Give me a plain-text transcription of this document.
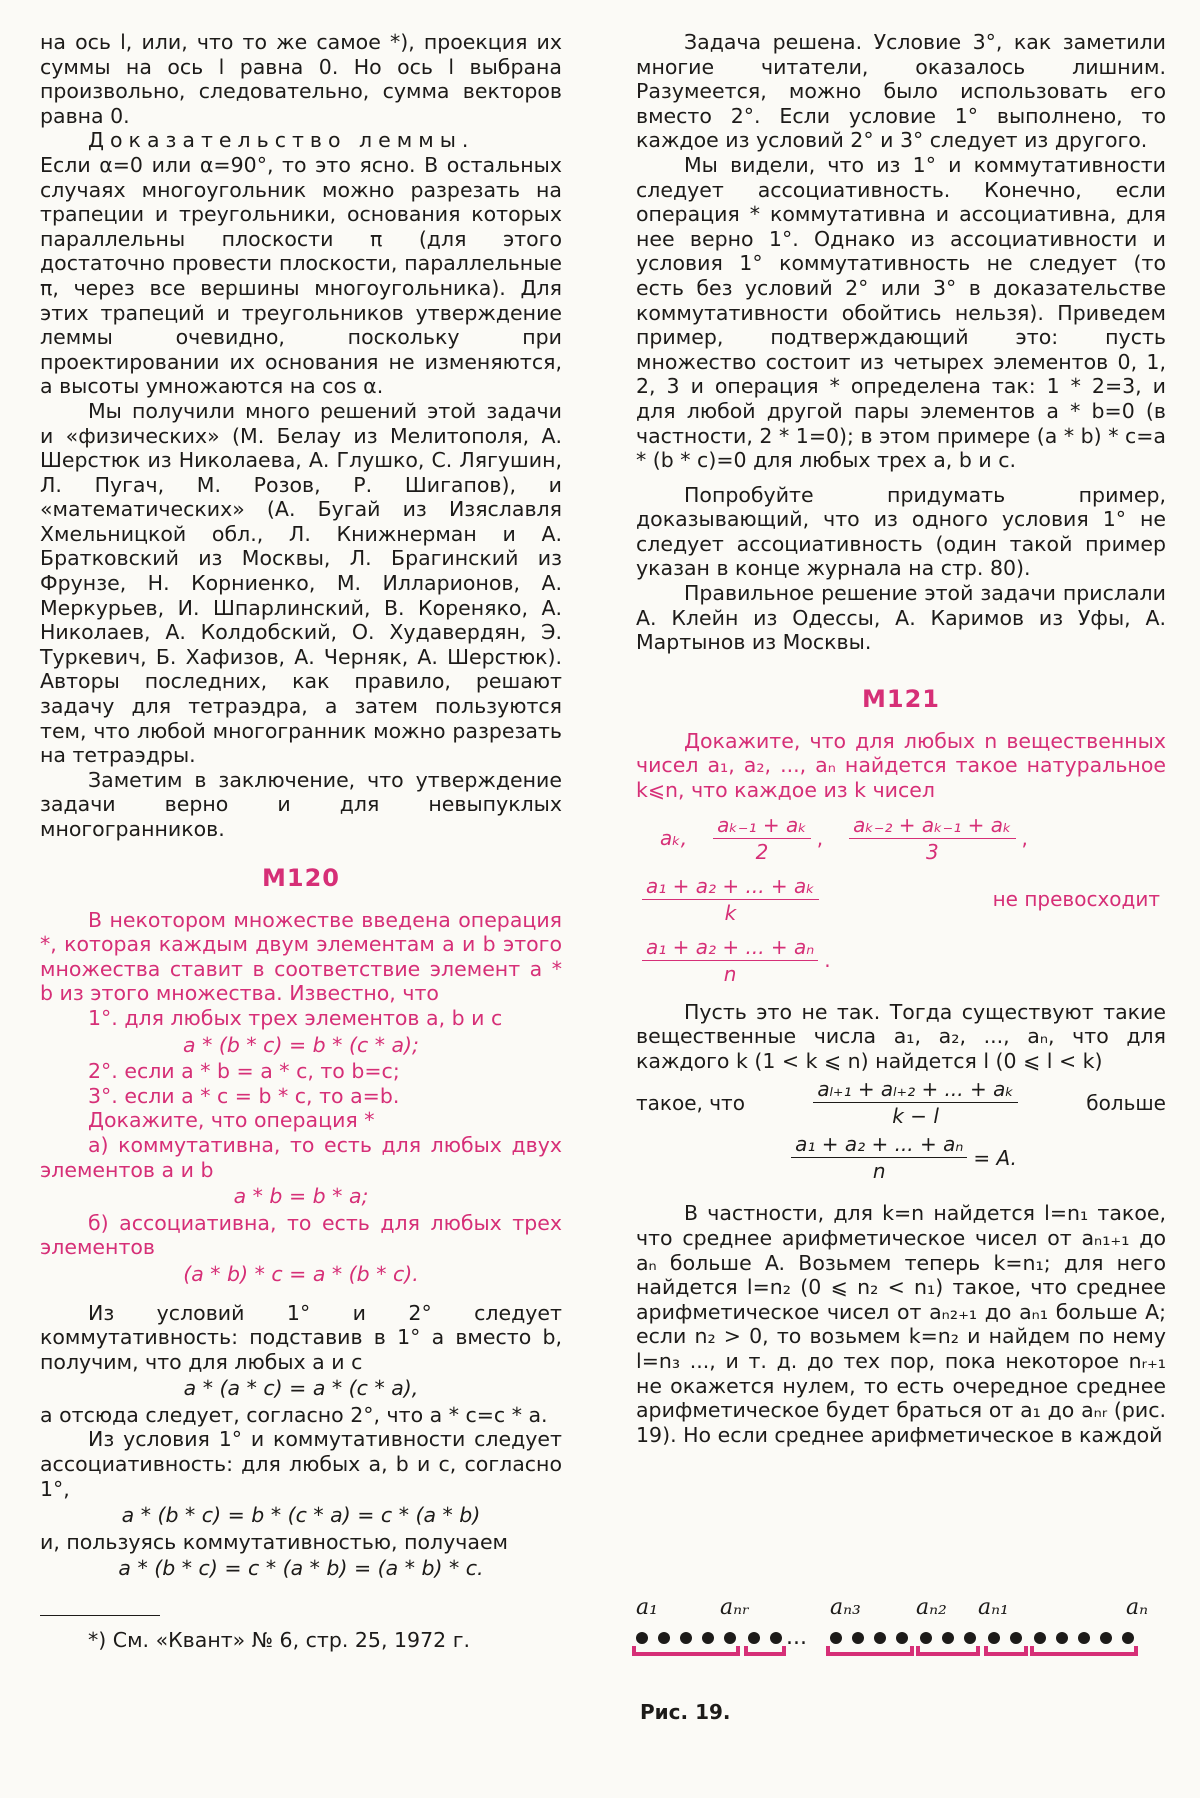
на ось l, или, что то же самое *), проекция их суммы на ось l равна 0. Но ось l выбрана произвольно, следовательно, сумма векторов равна 0.

Доказательство леммы.
Если α=0 или α=90°, то это ясно. В остальных случаях многоугольник можно разрезать на трапеции и треугольники, основания которых параллельны плоскости π (для этого достаточно провести плоскости, параллельные π, через все вершины многоугольника). Для этих трапеций и треугольников утверждение леммы очевидно, поскольку при проектировании их основания не изменяются, а высоты умножаются на cos α.

Мы получили много решений этой задачи и «физических» (М. Белау из Мелитополя, А. Шерстюк из Николаева, А. Глушко, С. Лягушин, Л. Пугач, М. Розов, Р. Шигапов), и «математических» (А. Бугай из Изяславля Хмельницкой обл., Л. Книжнерман и А. Братковский из Москвы, Л. Брагинский из Фрунзе, Н. Корниенко, М. Илларионов, А. Меркурьев, И. Шпарлинский, В. Кореняко, А. Николаев, А. Колдобский, О. Худавердян, Э. Туркевич, Б. Хафизов, А. Черняк, А. Шерстюк). Авторы последних, как правило, решают задачу для тетраэдра, а затем пользуются тем, что любой многогранник можно разрезать на тетраэдры.

Заметим в заключение, что утверждение задачи верно и для невыпуклых многогранников.

М120

В некотором множестве введена операция *, которая каждым двум элементам a и b этого множества ставит в соответствие элемент a * b из этого множества. Известно, что

1°. для любых трех элементов a, b и c

a * (b * c) = b * (c * a);

2°. если a * b = a * c, то b=c;

3°. если a * c = b * c, то a=b.

Докажите, что операция *

а) коммутативна, то есть для любых двух элементов a и b

a * b = b * a;

б) ассоциативна, то есть для любых трех элементов

(a * b) * c = a * (b * c).

Из условий 1° и 2° следует коммутативность: подставив в 1° a вместо b, получим, что для любых a и c

a * (a * c) = a * (c * a),

а отсюда следует, согласно 2°, что a * c=c * a.

Из условия 1° и коммутативности следует ассоциативность: для любых a, b и c, согласно 1°,

a * (b * c) = b * (c * a) = c * (a * b)

и, пользуясь коммутативностью, получаем

a * (b * c) = c * (a * b) = (a * b) * c.

*) См. «Квант» № 6, стр. 25, 1972 г.

Задача решена. Условие 3°, как заметили многие читатели, оказалось лишним. Разумеется, можно было использовать его вместо 2°. Если условие 1° выполнено, то каждое из условий 2° и 3° следует из другого.

Мы видели, что из 1° и коммутативности следует ассоциативность. Конечно, если операция * коммутативна и ассоциативна, для нее верно 1°. Однако из ассоциативности и условия 1° коммутативность не следует (то есть без условий 2° или 3° в доказательстве коммутативности обойтись нельзя). Приведем пример, подтверждающий это: пусть множество состоит из четырех элементов 0, 1, 2, 3 и операция * определена так: 1 * 2=3, и для любой другой пары элементов a * b=0 (в частности, 2 * 1=0); в этом примере (a * b) * c=a * (b * c)=0 для любых трех a, b и c.

Попробуйте придумать пример, доказывающий, что из одного условия 1° не следует ассоциативность (один такой пример указан в конце журнала на стр. 80).

Правильное решение этой задачи прислали А. Клейн из Одессы, А. Каримов из Уфы, А. Мартынов из Москвы.

М121

Докажите, что для любых n вещественных чисел a₁, a₂, ..., aₙ найдется такое натуральное k⩽n, что каждое из k чисел

aₖ, $\frac{\text{aₖ₋₁ + aₖ}}{2}$ , $\frac{\text{aₖ₋₂ + aₖ₋₁ + aₖ}}{3}$ ,
$\frac{\text{a₁ + a₂ + ... + aₖ}}{k}$	не превосходит
$\frac{\text{a₁ + a₂ + ... + aₙ}}{n}$ .

Пусть это не так. Тогда существуют такие вещественные числа a₁, a₂, ..., aₙ, что для каждого k (1 < k ⩽ n) найдется l (0 ⩽ l < k)

такое, что	$\frac{\text{aₗ₊₁ + aₗ₊₂ + ... + aₖ}}{k - l}$	больше
$\frac{\text{a₁ + a₂ + ... + aₙ}}{n} = A$.

В частности, для k=n найдется l=n₁ такое, что среднее арифметическое чисел от aₙ₁₊₁ до aₙ больше A. Возьмем теперь k=n₁; для него найдется l=n₂ (0 ⩽ n₂ < n₁) такое, что среднее арифметическое чисел от aₙ₂₊₁ до aₙ₁ больше A; если n₂ > 0, то возьмем k=n₂ и найдем по нему l=n₃ ..., и т. д. до тех пор, пока некоторое nᵣ₊₁ не окажется нулем, то есть очередное среднее арифметическое будет браться от a₁ до aₙᵣ (рис. 19). Но если среднее арифметическое в каждой

a₁	aₙᵣ	aₙ₃	aₙ₂ aₙ₁	aₙ
...
Рис. 19.
